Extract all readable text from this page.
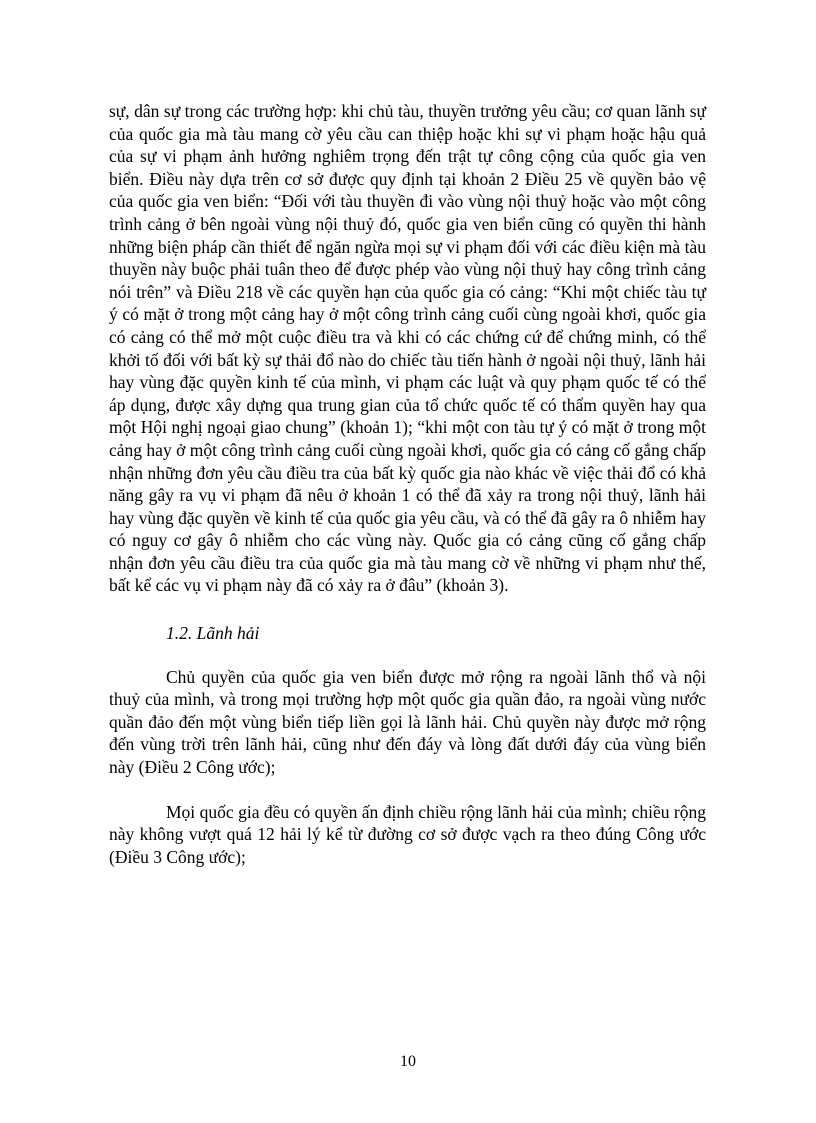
sự, dân sự trong các trường hợp: khi chủ tàu, thuyền trưởng yêu cầu; cơ quan lãnh sự của quốc gia mà tàu mang cờ yêu cầu can thiệp hoặc khi sự vi phạm hoặc hậu quả của sự vi phạm ảnh hưởng nghiêm trọng đến trật tự công cộng của quốc gia ven biển. Điều này dựa trên cơ sở được quy định tại khoản 2 Điều 25 về quyền bảo vệ của quốc gia ven biển: “Đối với tàu thuyền đi vào vùng nội thuỷ hoặc vào một công trình cảng ở bên ngoài vùng nội thuỷ đó, quốc gia ven biển cũng có quyền thi hành những biện pháp cần thiết để ngăn ngừa mọi sự vi phạm đối với các điều kiện mà tàu thuyền này buộc phải tuân theo để được phép vào vùng nội thuỷ hay công trình cảng nói trên” và Điều 218 về các quyền hạn của quốc gia có cảng: “Khi một chiếc tàu tự ý có mặt ở trong một cảng hay ở một công trình cảng cuối cùng ngoài khơi, quốc gia có cảng có thể mở một cuộc điều tra và khi có các chứng cứ để chứng minh, có thể khởi tố đối với bất kỳ sự thải đổ nào do chiếc tàu tiến hành ở ngoài nội thuỷ, lãnh hải hay vùng đặc quyền kinh tế của mình, vi phạm các luật và quy phạm quốc tế có thể áp dụng, được xây dựng qua trung gian của tổ chức quốc tế có thẩm quyền hay qua một Hội nghị ngoại giao chung” (khoản 1); “khi một con tàu tự ý có mặt ở trong một cảng hay ở một công trình cảng cuối cùng ngoài khơi, quốc gia có cảng cố gắng chấp nhận những đơn yêu cầu điều tra của bất kỳ quốc gia nào khác về việc thải đổ có khả năng gây ra vụ vi phạm đã nêu ở khoản 1 có thể đã xảy ra trong nội thuỷ, lãnh hải hay vùng đặc quyền về kinh tế của quốc gia yêu cầu, và có thể đã gây ra ô nhiễm hay có nguy cơ gây ô nhiễm cho các vùng này. Quốc gia có cảng cũng cố gắng chấp nhận đơn yêu cầu điều tra của quốc gia mà tàu mang cờ về những vi phạm như thế, bất kể các vụ vi phạm này đã có xảy ra ở đâu” (khoản 3).

1.2. Lãnh hải

Chủ quyền của quốc gia ven biển được mở rộng ra ngoài lãnh thổ và nội thuỷ của mình, và trong mọi trường hợp một quốc gia quần đảo, ra ngoài vùng nước quần đảo đến một vùng biển tiếp liền gọi là lãnh hải. Chủ quyền này được mở rộng đến vùng trời trên lãnh hải, cũng như đến đáy và lòng đất dưới đáy của vùng biển này (Điều 2 Công ước);

Mọi quốc gia đều có quyền ấn định chiều rộng lãnh hải của mình; chiều rộng này không vượt quá 12 hải lý kể từ đường cơ sở được vạch ra theo đúng Công ước (Điều 3 Công ước);

10
